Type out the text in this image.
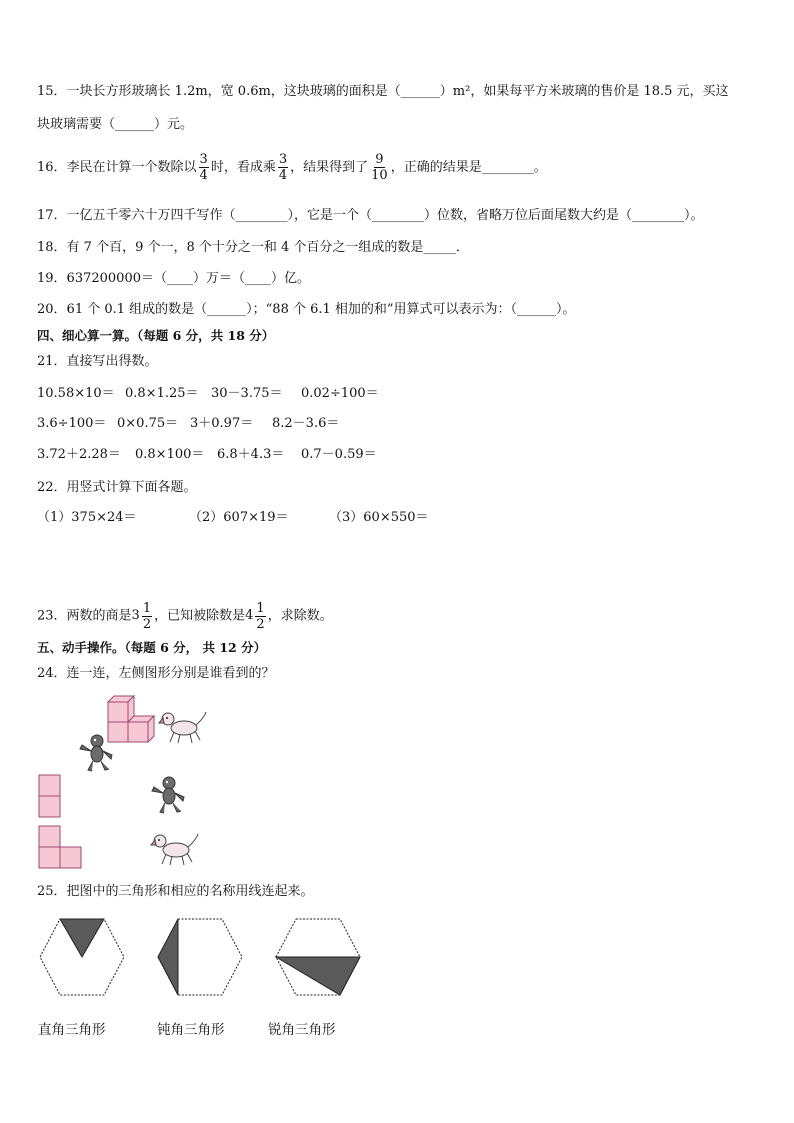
15．一块长方形玻璃长 1.2m，宽 0.6m，这块玻璃的面积是（______）m²，如果每平方米玻璃的售价是 18.5 元，买这
块玻璃需要（______）元。
16．李民在计算一个数除以 $\frac{3}{4}$ 时，看成乘 $\frac{3}{4}$ ，结果得到了 $\frac{9}{10}$ ，正确的结果是________。
17．一亿五千零六十万四千写作（________），它是一个（________）位数，省略万位后面尾数大约是（________）。
18．有 7 个百，9 个一，8 个十分之一和 4 个百分之一组成的数是_____．
19．637200000＝（____）万＝（____）亿。
20．61 个 0.1 组成的数是（______）；“88 个 6.1 相加的和”用算式可以表示为：（______）。
四、细心算一算。（每题 6 分，共 18 分）
21．直接写出得数。
10.58×10＝ 0.8×1.25＝ 30－3.75＝ 0.02÷100＝
3.6÷100＝ 0×0.75＝ 3＋0.97＝ 8.2－3.6＝
3.72＋2.28＝ 0.8×100＝ 6.8＋4.3＝ 0.7－0.59＝
22．用竖式计算下面各题。
（1）375×24＝	（2）607×19＝	（3）60×550＝
23．两数的商是 $3 \frac{1}{2}$ ，已知被除数是 $4 \frac{1}{2}$ ，求除数。
五、动手操作。（每题 6 分， 共 12 分）
24．连一连，左侧图形分别是谁看到的？
25．把图中的三角形和相应的名称用线连起来。
直角三角形	钝角三角形	锐角三角形
